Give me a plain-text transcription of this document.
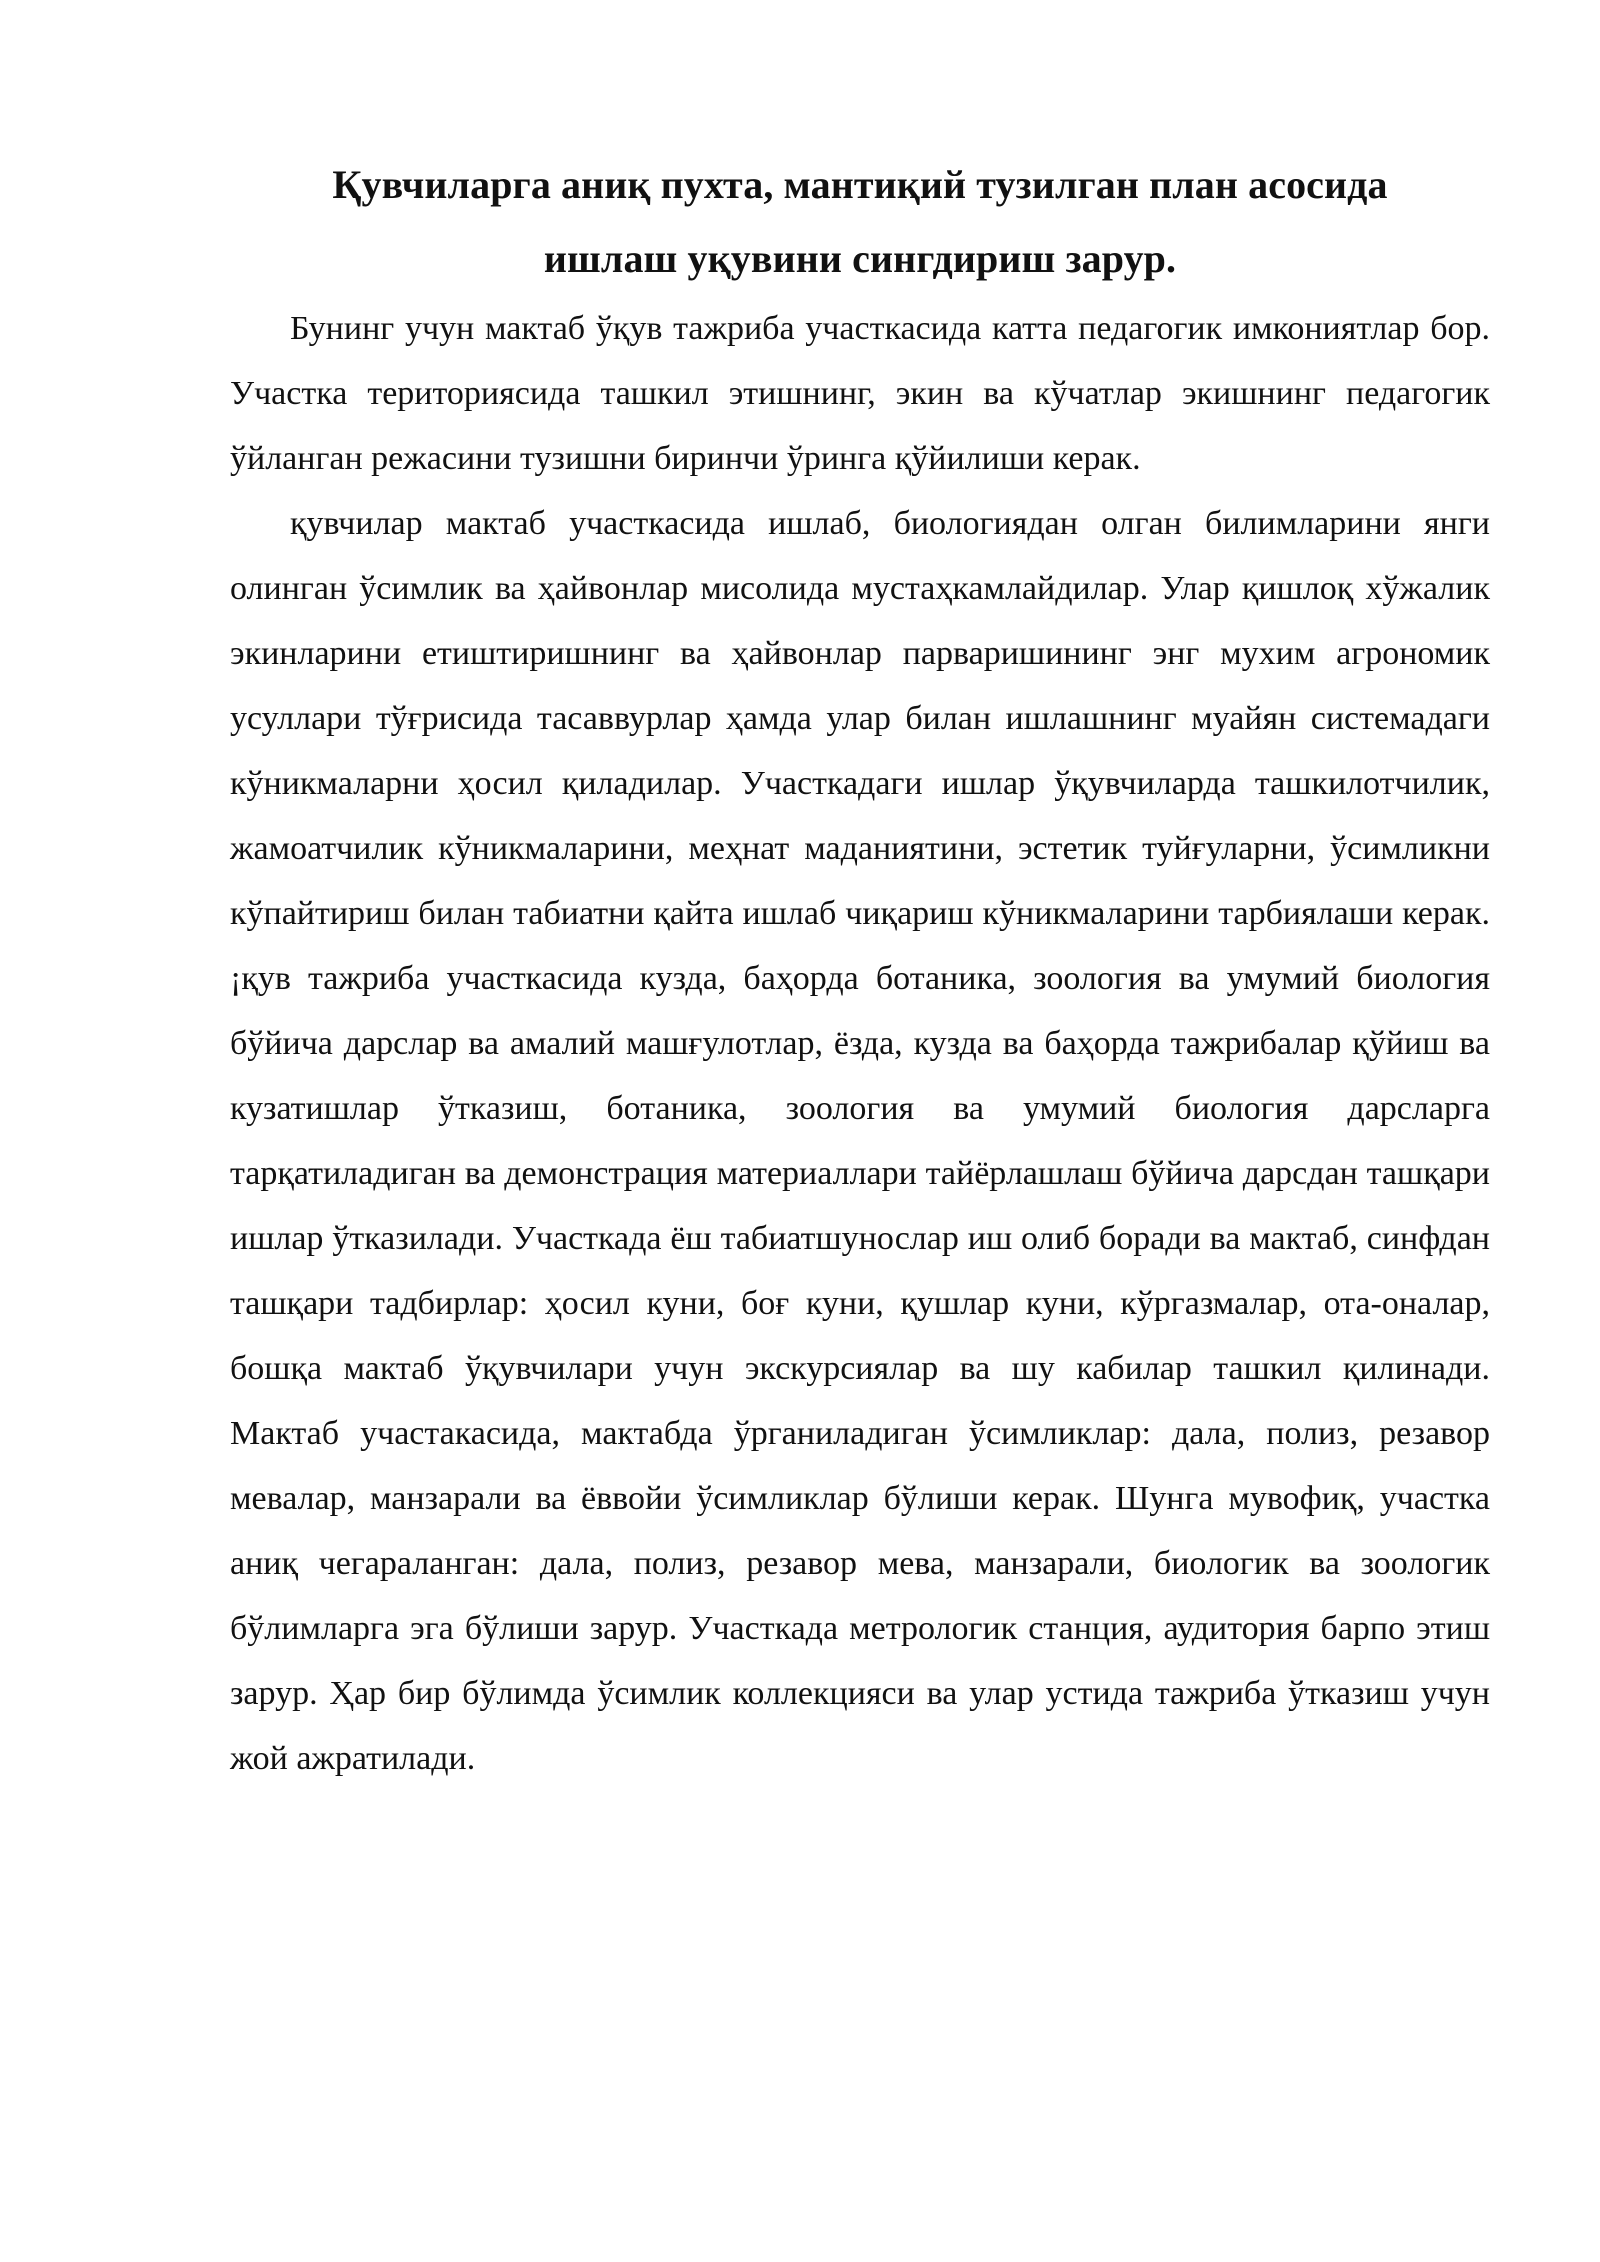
Қувчиларга аниқ пухта, мантиқий тузилган план асосида
ишлаш уқувини сингдириш зарур.

Бунинг учун мактаб ўқув тажриба участкасида катта педагогик имкониятлар бор. Участка териториясида ташкил этишнинг, экин ва кўчатлар экишнинг педагогик ўйланган режасини тузишни биринчи ўринга қўйилиши керак.

қувчилар мактаб участкасида ишлаб, биологиядан олган билимларини янги олинган ўсимлик ва ҳайвонлар мисолида мустаҳкамлайдилар. Улар қишлоқ хўжалик экинларини етиштиришнинг ва ҳайвонлар парваришининг энг мухим агрономик усуллари тўғрисида тасаввурлар ҳамда улар билан ишлашнинг муайян системадаги кўникмаларни ҳосил қиладилар. Участкадаги ишлар ўқувчиларда ташкилотчилик, жамоатчилик кўникмаларини, меҳнат маданиятини, эстетик туйғуларни, ўсимликни кўпайтириш билан табиатни қайта ишлаб чиқариш кўникмаларини тарбиялаши керак. ¡қув тажриба участкасида кузда, баҳорда ботаника, зоология ва умумий биология бўйича дарслар ва амалий машғулотлар, ёзда, кузда ва баҳорда тажрибалар қўйиш ва кузатишлар ўтказиш, ботаника, зоология ва умумий биология дарсларга тарқатиладиган ва демонстрация материаллари тайёрлашлаш бўйича дарсдан ташқари ишлар ўтказилади. Участкада ёш табиатшунослар иш олиб боради ва мактаб, синфдан ташқари тадбирлар: ҳосил куни, боғ куни, қушлар куни, кўргазмалар, ота-оналар, бошқа мактаб ўқувчилари учун экскурсиялар ва шу кабилар ташкил қилинади. Мактаб участакасида, мактабда ўрганиладиган ўсимликлар: дала, полиз, резавор мевалар, манзарали ва ёввойи ўсимликлар бўлиши керак. Шунга мувофиқ, участка аниқ чегараланган: дала, полиз, резавор мева, манзарали, биологик ва зоологик бўлимларга эга бўлиши зарур. Участкада метрологик станция, аудитория барпо этиш зарур. Ҳар бир бўлимда ўсимлик коллекцияси ва улар устида тажриба ўтказиш учун жой ажратилади.
